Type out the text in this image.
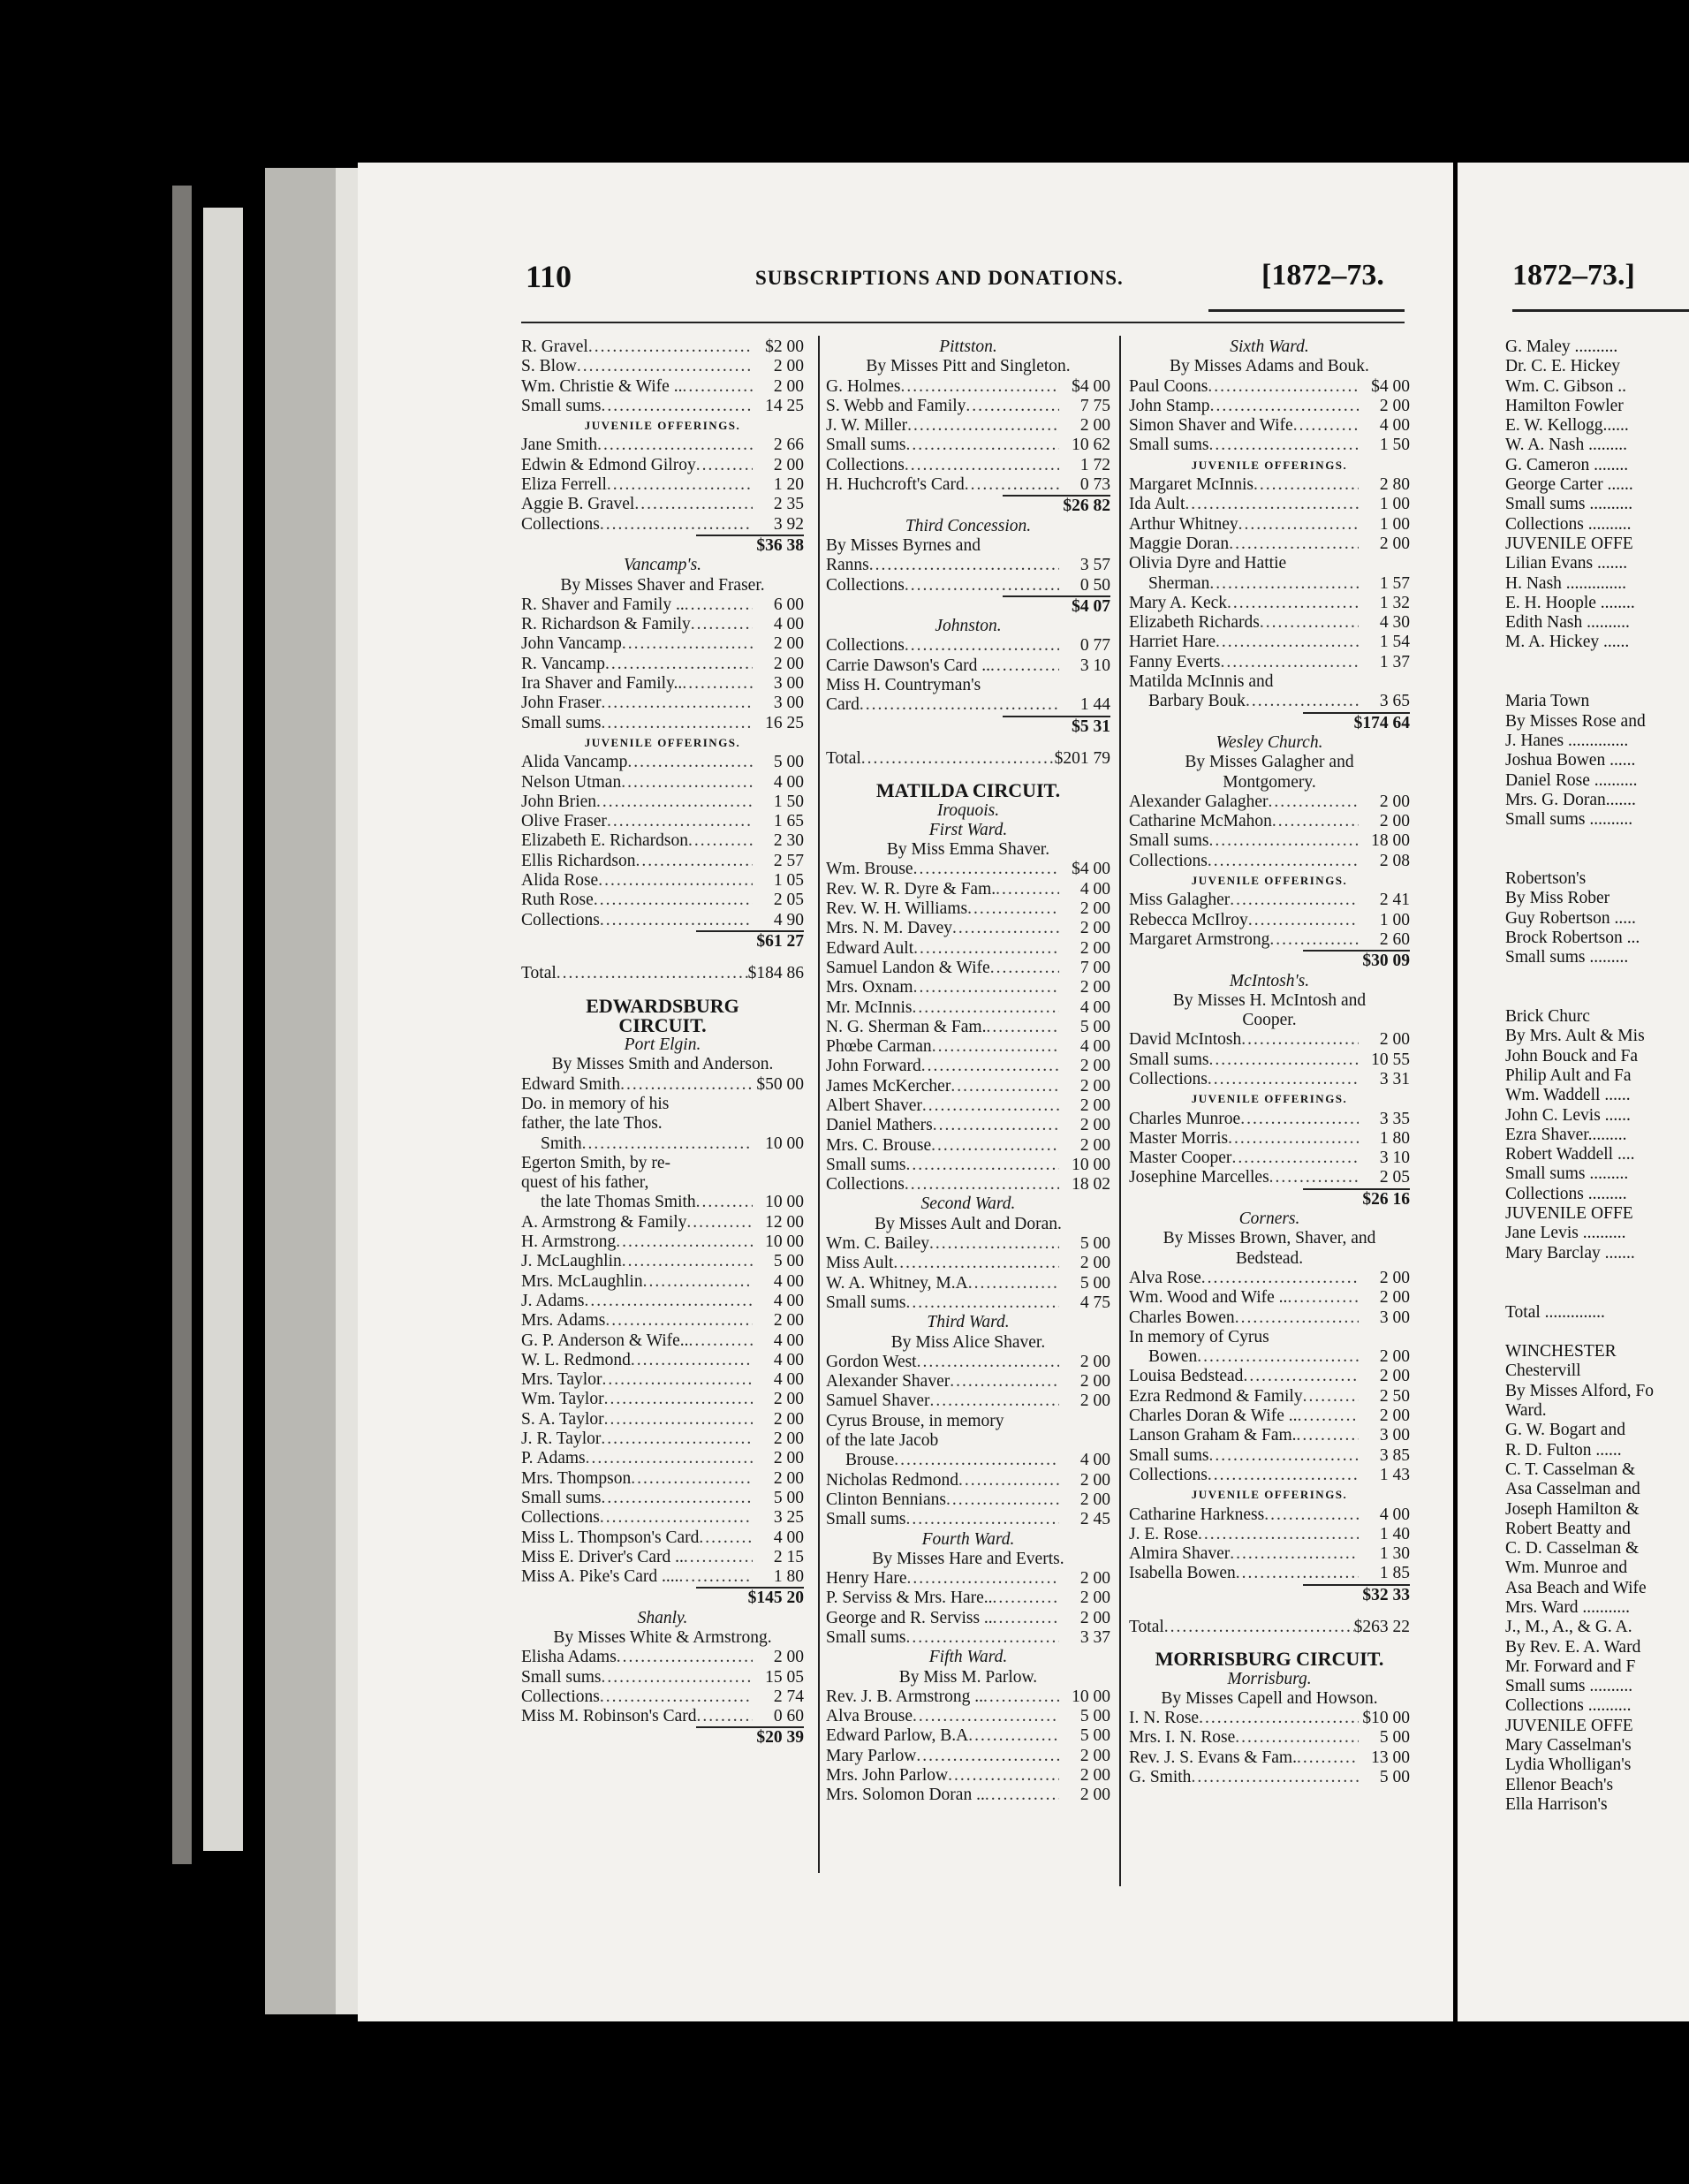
110	SUBSCRIPTIONS AND DONATIONS.	[1872–73.
R. Gravel .....	$2 00
S. Blow .....	2 00
Wm. Christie & Wife .. .....	2 00
Small sums .....	14 25
JUVENILE OFFERINGS.
Jane Smith .....	2 66
Edwin & Edmond Gilroy .....	2 00
Eliza Ferrell .....	1 20
Aggie B. Gravel .....	2 35
Collections .....	3 92
$36 38
Vancamp's.
By Misses Shaver and Fraser.
R. Shaver and Family .. .....	6 00
R. Richardson & Family .....	4 00
John Vancamp .....	2 00
R. Vancamp .....	2 00
Ira Shaver and Family.. .....	3 00
John Fraser .....	3 00
Small sums .....	16 25
JUVENILE OFFERINGS.
Alida Vancamp .....	5 00
Nelson Utman .....	4 00
John Brien .....	1 50
Olive Fraser .....	1 65
Elizabeth E. Richardson .....	2 30
Ellis Richardson .....	2 57
Alida Rose .....	1 05
Ruth Rose .....	2 05
Collections .....	4 90
$61 27
Total .....	$184 86
EDWARDSBURG
CIRCUIT.
Port Elgin.
By Misses Smith and Anderson.
Edward Smith .....	$50 00
Do. in memory of his
father, the late Thos.
Smith .....	10 00
Egerton Smith, by re-
quest of his father,
the late Thomas Smith .....	10 00
A. Armstrong & Family .....	12 00
H. Armstrong .....	10 00
J. McLaughlin .....	5 00
Mrs. McLaughlin .....	4 00
J. Adams .....	4 00
Mrs. Adams .....	2 00
G. P. Anderson & Wife.. .....	4 00
W. L. Redmond .....	4 00
Mrs. Taylor .....	4 00
Wm. Taylor .....	2 00
S. A. Taylor .....	2 00
J. R. Taylor .....	2 00
P. Adams .....	2 00
Mrs. Thompson .....	2 00
Small sums .....	5 00
Collections .....	3 25
Miss L. Thompson's Card .....	4 00
Miss E. Driver's Card .. .....	2 15
Miss A. Pike's Card .... .....	1 80
$145 20
Shanly.
By Misses White & Armstrong.
Elisha Adams .....	2 00
Small sums .....	15 05
Collections .....	2 74
Miss M. Robinson's Card .....	0 60
$20 39
Pittston.
By Misses Pitt and Singleton.
G. Holmes .....	$4 00
S. Webb and Family .....	7 75
J. W. Miller .....	2 00
Small sums .....	10 62
Collections .....	1 72
H. Huchcroft's Card .....	0 73
$26 82
Third Concession.
By Misses Byrnes and
Ranns .....	3 57
Collections .....	0 50
$4 07
Johnston.
Collections .....	0 77
Carrie Dawson's Card .. .....	3 10
Miss H. Countryman's
Card .....	1 44
$5 31
Total .....	$201 79
MATILDA CIRCUIT.
Iroquois.
First Ward.
By Miss Emma Shaver.
Wm. Brouse .....	$4 00
Rev. W. R. Dyre & Fam. .....	4 00
Rev. W. H. Williams .....	2 00
Mrs. N. M. Davey .....	2 00
Edward Ault .....	2 00
Samuel Landon & Wife .....	7 00
Mrs. Oxnam .....	2 00
Mr. McInnis .....	4 00
N. G. Sherman & Fam. .....	5 00
Phœbe Carman .....	4 00
John Forward .....	2 00
James McKercher .....	2 00
Albert Shaver .....	2 00
Daniel Mathers .....	2 00
Mrs. C. Brouse .....	2 00
Small sums .....	10 00
Collections .....	18 02
Second Ward.
By Misses Ault and Doran.
Wm. C. Bailey .....	5 00
Miss Ault .....	2 00
W. A. Whitney, M.A .....	5 00
Small sums .....	4 75
Third Ward.
By Miss Alice Shaver.
Gordon West .....	2 00
Alexander Shaver .....	2 00
Samuel Shaver .....	2 00
Cyrus Brouse, in memory
of the late Jacob
Brouse .....	4 00
Nicholas Redmond .....	2 00
Clinton Bennians .....	2 00
Small sums .....	2 45
Fourth Ward.
By Misses Hare and Everts.
Henry Hare .....	2 00
P. Serviss & Mrs. Hare.. .....	2 00
George and R. Serviss .. .....	2 00
Small sums .....	3 37
Fifth Ward.
By Miss M. Parlow.
Rev. J. B. Armstrong .. .....	10 00
Alva Brouse .....	5 00
Edward Parlow, B.A .....	5 00
Mary Parlow .....	2 00
Mrs. John Parlow .....	2 00
Mrs. Solomon Doran .. .....	2 00
Sixth Ward.
By Misses Adams and Bouk.
Paul Coons .....	$4 00
John Stamp .....	2 00
Simon Shaver and Wife .....	4 00
Small sums .....	1 50
JUVENILE OFFERINGS.
Margaret McInnis .....	2 80
Ida Ault .....	1 00
Arthur Whitney .....	1 00
Maggie Doran .....	2 00
Olivia Dyre and Hattie
Sherman .....	1 57
Mary A. Keck .....	1 32
Elizabeth Richards .....	4 30
Harriet Hare .....	1 54
Fanny Everts .....	1 37
Matilda McInnis and
Barbary Bouk .....	3 65
$174 64
Wesley Church.
By Misses Galagher and
Montgomery.
Alexander Galagher .....	2 00
Catharine McMahon .....	2 00
Small sums .....	18 00
Collections .....	2 08
JUVENILE OFFERINGS.
Miss Galagher .....	2 41
Rebecca McIlroy .....	1 00
Margaret Armstrong .....	2 60
$30 09
McIntosh's.
By Misses H. McIntosh and
Cooper.
David McIntosh .....	2 00
Small sums .....	10 55
Collections .....	3 31
JUVENILE OFFERINGS.
Charles Munroe .....	3 35
Master Morris .....	1 80
Master Cooper .....	3 10
Josephine Marcelles .....	2 05
$26 16
Corners.
By Misses Brown, Shaver, and
Bedstead.
Alva Rose .....	2 00
Wm. Wood and Wife .. .....	2 00
Charles Bowen .....	3 00
In memory of Cyrus
Bowen .....	2 00
Louisa Bedstead .....	2 00
Ezra Redmond & Family .....	2 50
Charles Doran & Wife .. .....	2 00
Lanson Graham & Fam. .....	3 00
Small sums .....	3 85
Collections .....	1 43
JUVENILE OFFERINGS.
Catharine Harkness .....	4 00
J. E. Rose .....	1 40
Almira Shaver .....	1 30
Isabella Bowen .....	1 85
$32 33
Total .....	$263 22
MORRISBURG CIRCUIT.
Morrisburg.
By Misses Capell and Howson.
I. N. Rose .....	$10 00
Mrs. I. N. Rose .....	5 00
Rev. J. S. Evans & Fam. .....	13 00
G. Smith .....	5 00
1872–73.]
G. Maley ..........
Dr. C. E. Hickey
Wm. C. Gibson ..
Hamilton Fowler
E. W. Kellogg......
W. A. Nash .........
G. Cameron ........
George Carter ......
Small sums ..........
Collections ..........
JUVENILE OFFE
Lilian Evans .......
H. Nash ..............
E. H. Hoople ........
Edith Nash ..........
M. A. Hickey ......
Maria Town
By Misses Rose and
J. Hanes ..............
Joshua Bowen ......
Daniel Rose ..........
Mrs. G. Doran.......
Small sums ..........
Robertson's
By Miss Rober
Guy Robertson .....
Brock Robertson ...
Small sums .........
Brick Churc
By Mrs. Ault & Mis
John Bouck and Fa
Philip Ault and Fa
Wm. Waddell ......
John C. Levis ......
Ezra Shaver.........
Robert Waddell ....
Small sums .........
Collections .........
JUVENILE OFFE
Jane Levis ..........
Mary Barclay .......
Total ..............
WINCHESTER
Chestervill
By Misses Alford, Fo
Ward.
G. W. Bogart and
R. D. Fulton ......
C. T. Casselman &
Asa Casselman and
Joseph Hamilton &
Robert Beatty and
C. D. Casselman &
Wm. Munroe and
Asa Beach and Wife
Mrs. Ward ...........
J., M., A., & G. A.
By Rev. E. A. Ward
Mr. Forward and F
Small sums ..........
Collections ..........
JUVENILE OFFE
Mary Casselman's
Lydia Wholligan's
Ellenor Beach's
Ella Harrison's
